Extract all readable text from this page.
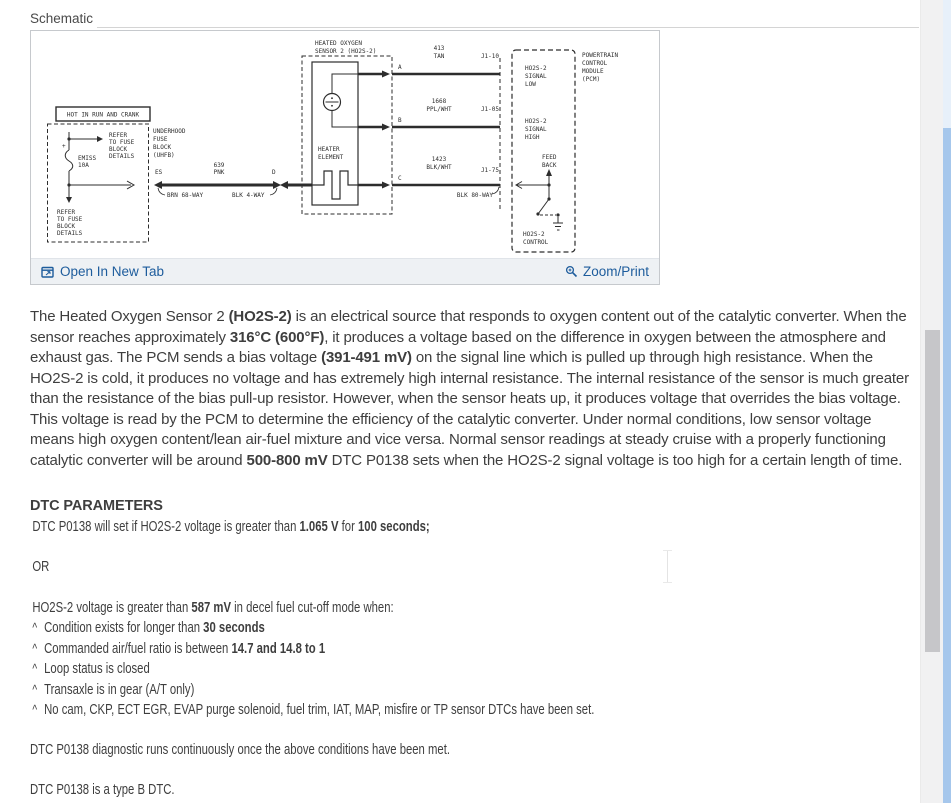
Schematic
HOT IN RUN AND CRANK
+
REFER
TO FUSE
BLOCK
DETAILS
EMISS
10A
REFER
TO FUSE
BLOCK
DETAILS
UNDERHOOD
FUSE
BLOCK
(UHFB)
ES
639
PNK	D
BRN 68-WAY	BLK 4-WAY
HEATED OXYGEN
SENSOR 2 (HO2S-2)
HEATER
ELEMENT
A
B
C
413
TAN
1668
PPL/WHT
1423
BLK/WHT
J1-10
J1-05
J1-75
BLK 80-WAY
POWERTRAIN
CONTROL
MODULE
(PCM)
HO2S-2
SIGNAL
LOW
HO2S-2
SIGNAL
HIGH
FEED
BACK
HO2S-2
CONTROL
Open In New Tab	Zoom/Print

The Heated Oxygen Sensor 2 (HO2S-2) is an electrical source that responds to oxygen content out of the catalytic converter. When the sensor reaches approximately 316°C (600°F), it produces a voltage based on the difference in oxygen between the atmosphere and exhaust gas. The PCM sends a bias voltage (391-491 mV) on the signal line which is pulled up through high resistance. When the HO2S-2 is cold, it produces no voltage and has extremely high internal resistance. The internal resistance of the sensor is much greater than the resistance of the bias pull-up resistor. However, when the sensor heats up, it produces voltage that overrides the bias voltage. This voltage is read by the PCM to determine the efficiency of the catalytic converter. Under normal conditions, low sensor voltage means high oxygen content/lean air-fuel mixture and vice versa. Normal sensor readings at steady cruise with a properly functioning catalytic converter will be around 500-800 mV DTC P0138 sets when the HO2S-2 signal voltage is too high for a certain length of time.

DTC PARAMETERS
DTC P0138 will set if HO2S-2 voltage is greater than 1.065 V for 100 seconds;
OR
HO2S-2 voltage is greater than 587 mV in decel fuel cut-off mode when:
^ Condition exists for longer than 30 seconds
^ Commanded air/fuel ratio is between 14.7 and 14.8 to 1
^ Loop status is closed
^ Transaxle is in gear (A/T only)
^ No cam, CKP, ECT EGR, EVAP purge solenoid, fuel trim, IAT, MAP, misfire or TP sensor DTCs have been set.
DTC P0138 diagnostic runs continuously once the above conditions have been met.
DTC P0138 is a type B DTC.
